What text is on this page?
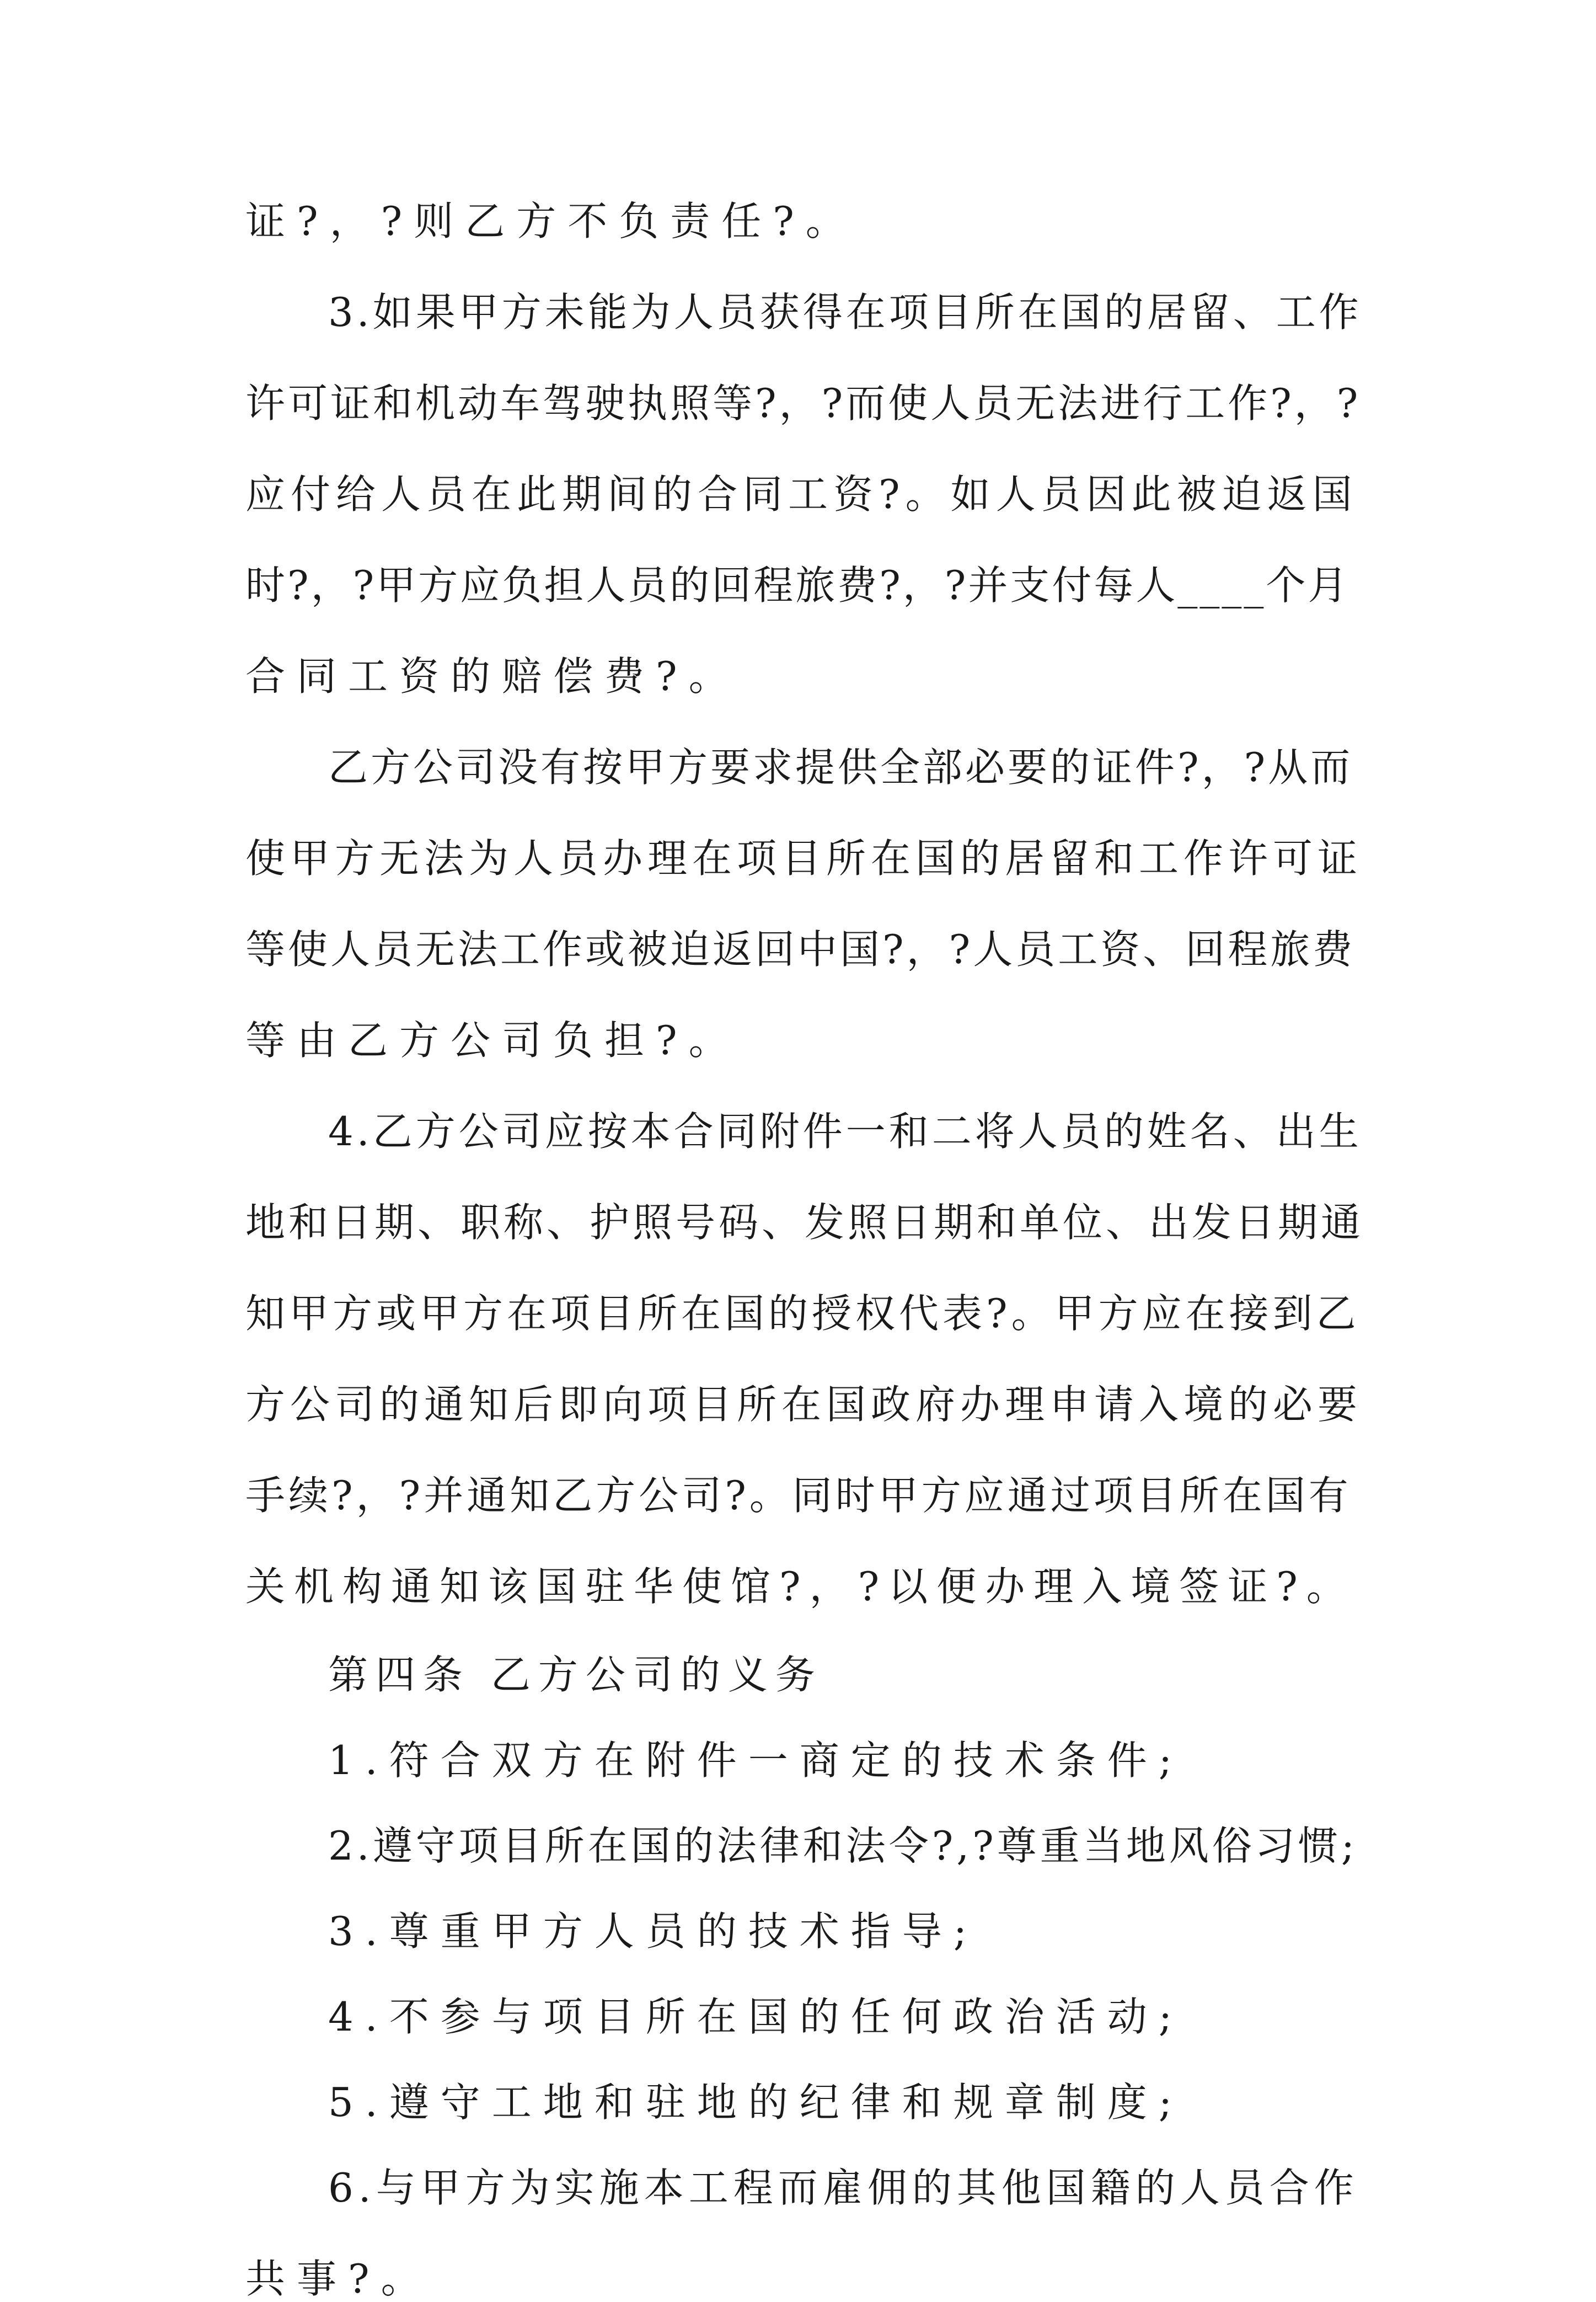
证?，?则乙方不负责任?。
3.如果甲方未能为人员获得在项目所在国的居留、工作
许可证和机动车驾驶执照等?，?而使人员无法进行工作?，?
应付给人员在此期间的合同工资?。如人员因此被迫返国
时?，?甲方应负担人员的回程旅费?，?并支付每人____个月
合同工资的赔偿费?。
乙方公司没有按甲方要求提供全部必要的证件?，?从而
使甲方无法为人员办理在项目所在国的居留和工作许可证
等使人员无法工作或被迫返回中国?，?人员工资、回程旅费
等由乙方公司负担?。
4.乙方公司应按本合同附件一和二将人员的姓名、出生
地和日期、职称、护照号码、发照日期和单位、出发日期通
知甲方或甲方在项目所在国的授权代表?。甲方应在接到乙
方公司的通知后即向项目所在国政府办理申请入境的必要
手续?，?并通知乙方公司?。同时甲方应通过项目所在国有
关机构通知该国驻华使馆?，?以便办理入境签证?。
第四条 乙方公司的义务
1.符合双方在附件一商定的技术条件;
2.遵守项目所在国的法律和法令?,?尊重当地风俗习惯;
3.尊重甲方人员的技术指导;
4.不参与项目所在国的任何政治活动;
5.遵守工地和驻地的纪律和规章制度;
6.与甲方为实施本工程而雇佣的其他国籍的人员合作
共事?。
